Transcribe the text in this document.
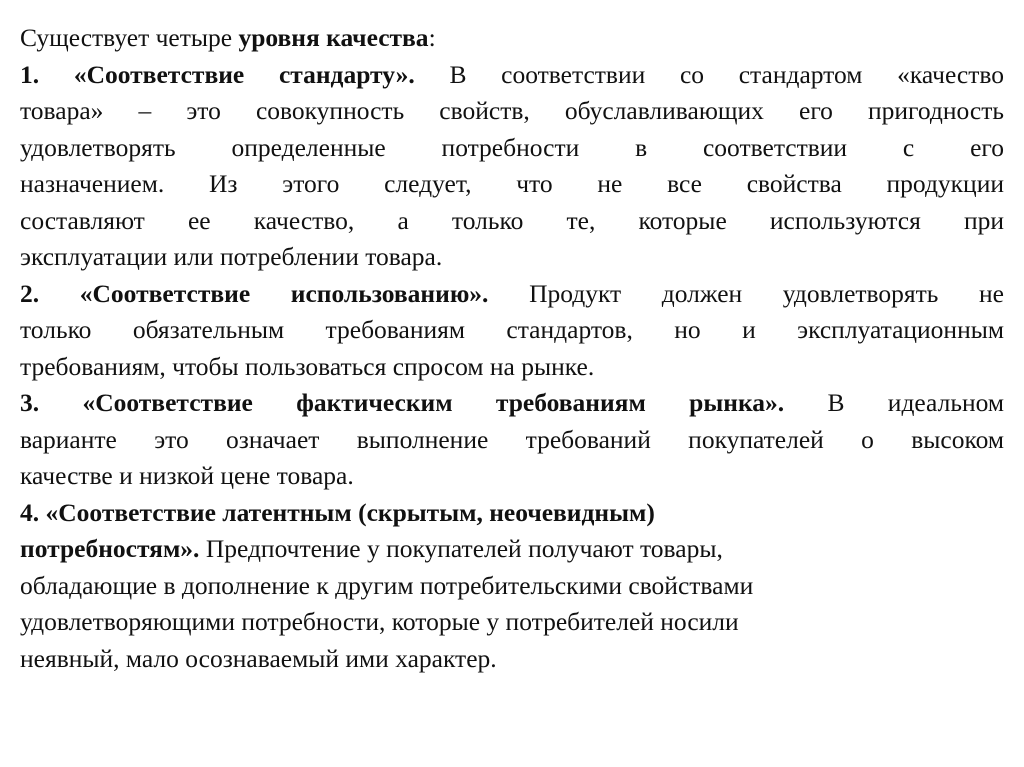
Существует четыре уровня качества:

1. «Соответствие стандарту». В соответствии со стандартом «качество

товара» – это совокупность свойств, обуславливающих его пригодность

удовлетворять определенные потребности в соответствии с его

назначением. Из этого следует, что не все свойства продукции

составляют ее качество, а только те, которые используются при

эксплуатации или потреблении товара.

2. «Соответствие использованию». Продукт должен удовлетворять не

только обязательным требованиям стандартов, но и эксплуатационным

требованиям, чтобы пользоваться спросом на рынке.

3. «Соответствие фактическим требованиям рынка». В идеальном

варианте это означает выполнение требований покупателей о высоком

качестве и низкой цене товара.

4. «Соответствие латентным (скрытым, неочевидным)

потребностям». Предпочтение у покупателей получают товары,

обладающие в дополнение к другим потребительскими свойствами

удовлетворяющими потребности, которые у потребителей носили

неявный, мало осознаваемый ими характер.
